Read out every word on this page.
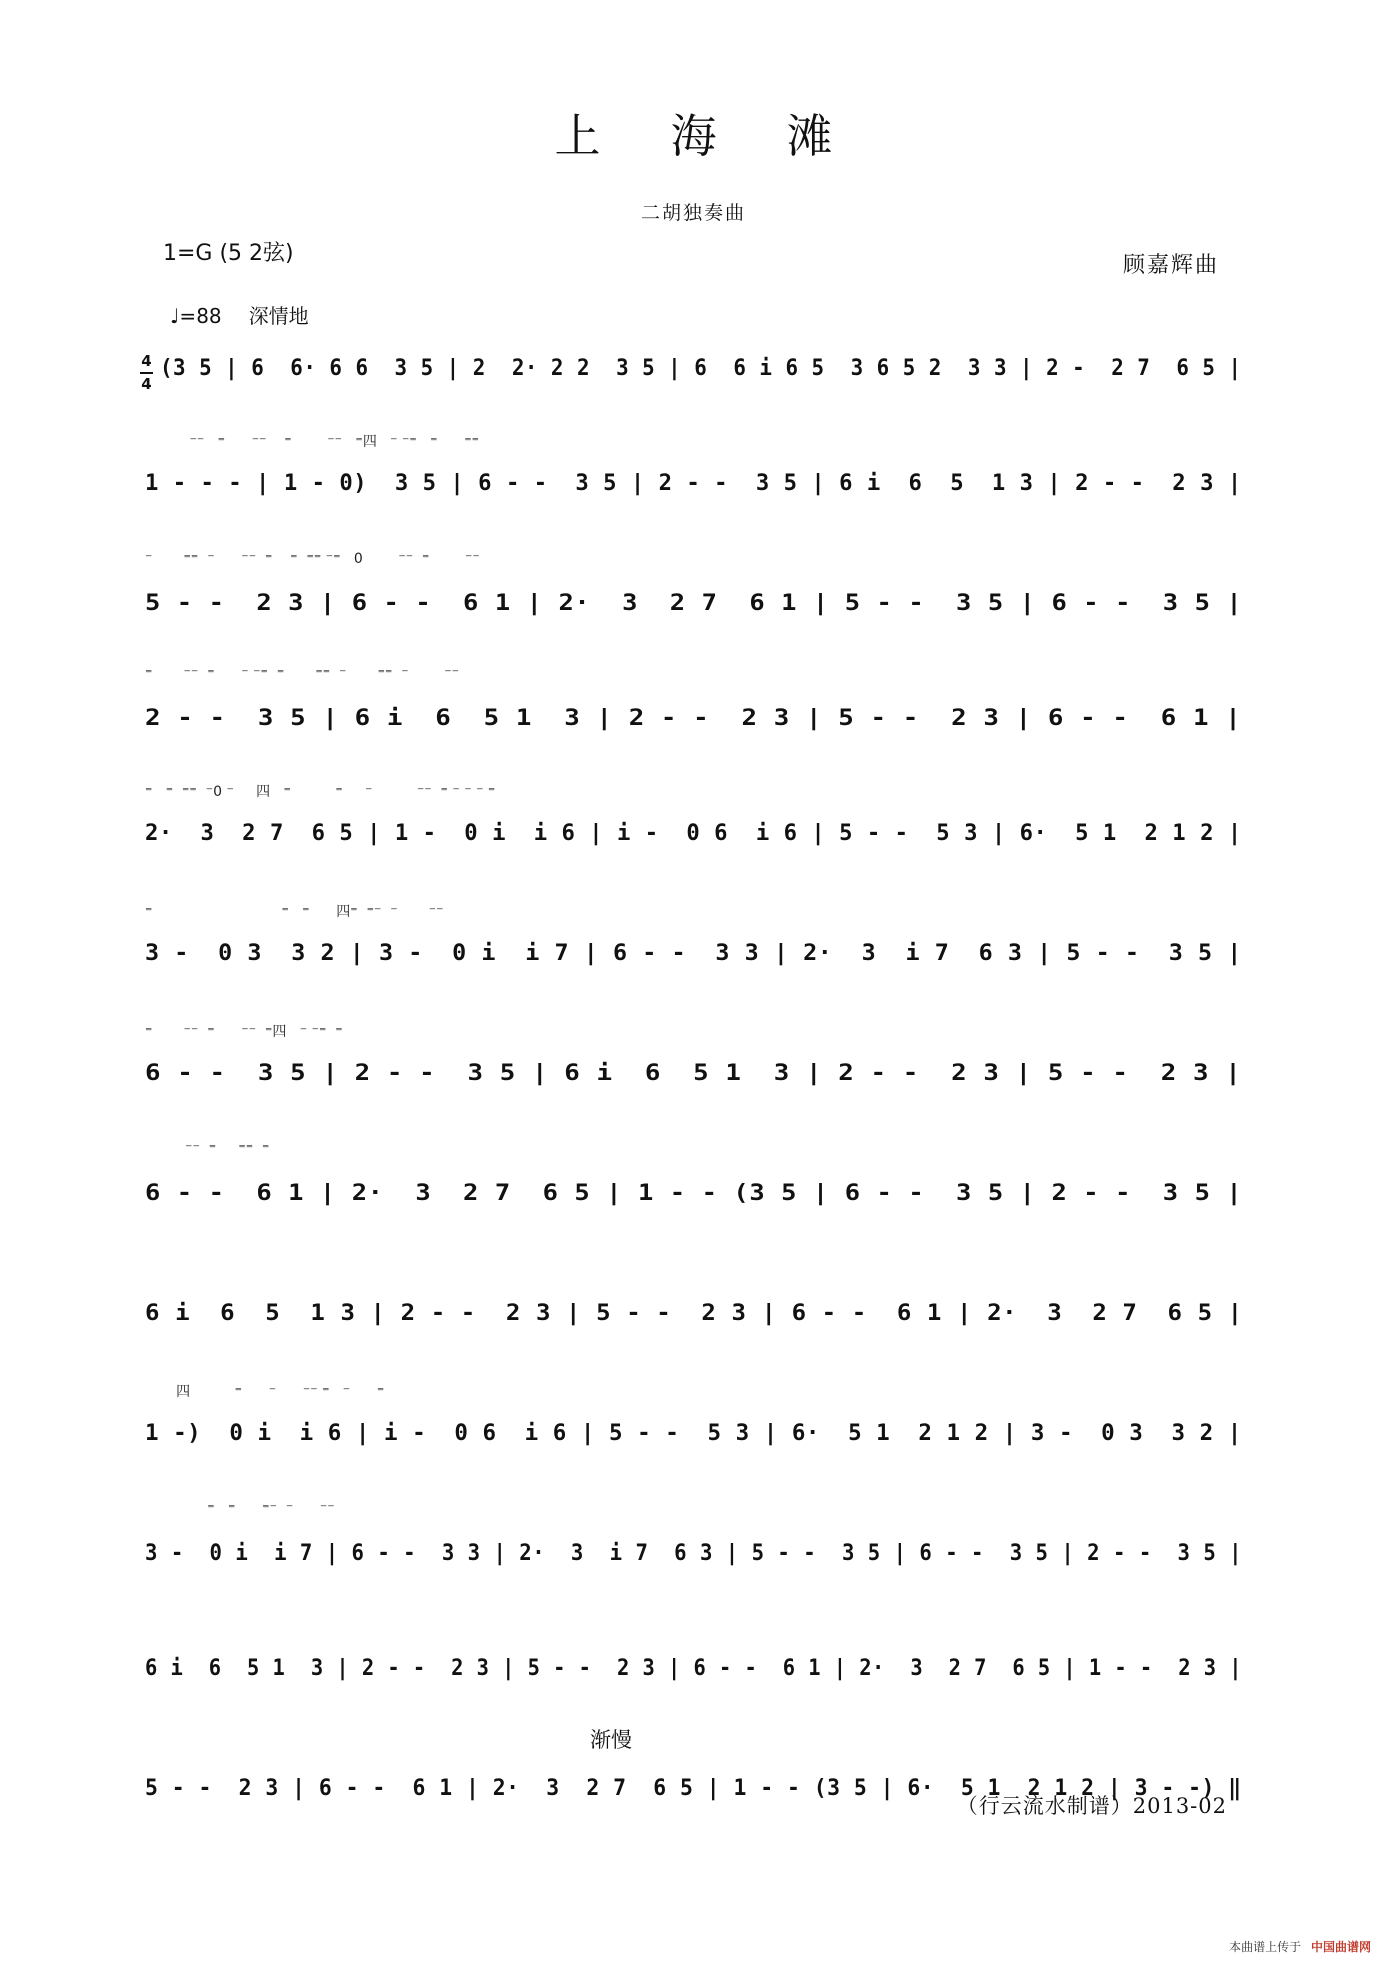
上海滩
二胡独奏曲
1=G (5 2弦)	顾嘉辉曲
♩=88 深情地
4
4
(3 5 | 6  6· 6 6  3 5 | 2  2· 2 2  3 5 | 6  6 i 6 5  3 6 5 2  3 3 | 2 -  2 7  6 5 |
⁻⁻   ⁼      ⁻⁻    ⁼        ⁻⁻   ⁼四   ⁻ ⁻⁼   ⁼      ⁼⁼
1 - - - | 1 - 0)  3 5 | 6 - -  3 5 | 2 - -  3 5 | 6 i  6  5  1 3 | 2 - -  2 3 |
⁻       ⁼⁼  ⁻      ⁻⁻  ⁼    ⁼  ⁼⁼ ⁻⁼   0        ⁻⁻  ⁼        ⁻⁻
5 - -  2 3 | 6 - -  6 1 | 2·  3  2 7  6 1 | 5 - -  3 5 | 6 - -  3 5 |
⁼       ⁻⁻  ⁼      ⁻ ⁻⁼  ⁼       ⁼⁼  ⁻       ⁼⁼  ⁻        ⁻⁻
2 - -  3 5 | 6 i  6  5 1  3 | 2 - -  2 3 | 5 - -  2 3 | 6 - -  6 1 |
⁼   ⁼  ⁼⁼  ⁻0 ⁻     四   ⁼          ⁼     ⁻          ⁻⁻  ⁼ ⁻ ⁻ ⁻ ⁼
2·  3  2 7  6 5 | 1 -  0 i  i 6 | i -  0 6  i 6 | 5 - -  5 3 | 6·  5 1  2 1 2 |
⁼                             ⁼   ⁼      四⁼  ⁼⁻  ⁻       ⁻⁻
3 -  0 3  3 2 | 3 -  0 i  i 7 | 6 - -  3 3 | 2·  3  i 7  6 3 | 5 - -  3 5 |
⁼       ⁻⁻  ⁼      ⁻⁻  ⁼四   ⁻ ⁻⁼  ⁼
6 - -  3 5 | 2 - -  3 5 | 6 i  6  5 1  3 | 2 - -  2 3 | 5 - -  2 3 |
⁻⁻  ⁼     ⁼⁼  ⁼
6 - -  6 1 | 2·  3  2 7  6 5 | 1 - - (3 5 | 6 - -  3 5 | 2 - -  3 5 |
6 i  6  5  1 3 | 2 - -  2 3 | 5 - -  2 3 | 6 - -  6 1 | 2·  3  2 7  6 5 |
四          ⁼      ⁻      ⁻⁻ ⁼   ⁻      ⁼
1 -)  0 i  i 6 | i -  0 6  i 6 | 5 - -  5 3 | 6·  5 1  2 1 2 | 3 -  0 3  3 2 |
⁼   ⁼      ⁼⁻  ⁻      ⁻⁻
3 -  0 i  i 7 | 6 - -  3 3 | 2·  3  i 7  6 3 | 5 - -  3 5 | 6 - -  3 5 | 2 - -  3 5 |
6 i  6  5 1  3 | 2 - -  2 3 | 5 - -  2 3 | 6 - -  6 1 | 2·  3  2 7  6 5 | 1 - -  2 3 |
5 - -  2 3 | 6 - -  6 1 | 2·  3  2 7  6 5 | 1 - - (3 5 | 6·  5 1  2 1 2 | 3 - -) ‖
渐慢
（行云流水制谱）2013-02
本曲谱上传于 中国曲谱网
